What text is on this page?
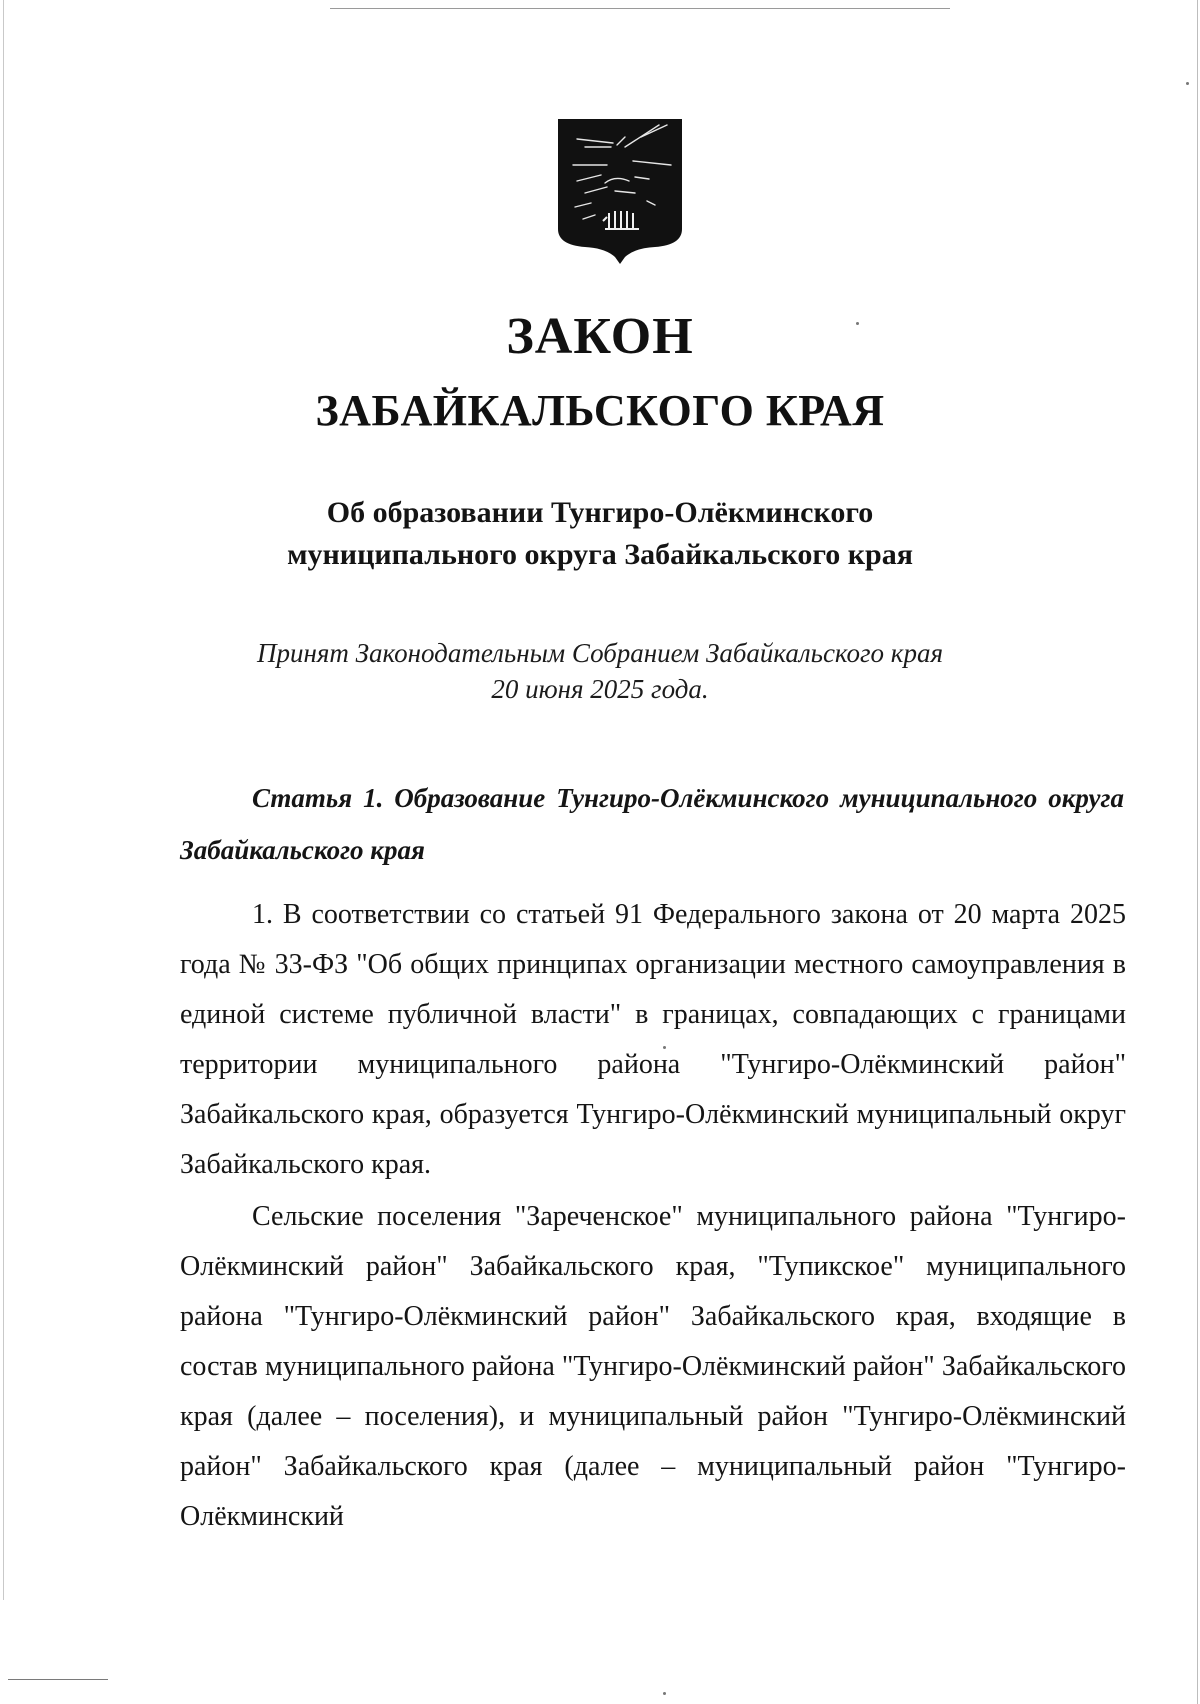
ЗАКОН
ЗАБАЙКАЛЬСКОГО КРАЯ
Об образовании Тунгиро-Олёкминского
муниципального округа Забайкальского края
Принят Законодательным Собранием Забайкальского края
20 июня 2025 года.
Статья 1. Образование Тунгиро-Олёкминского муниципального округа Забайкальского края

1. В соответствии со статьей 91 Федерального закона от 20 марта 2025 года № 33-ФЗ "Об общих принципах организации местного самоуправления в единой системе публичной власти" в границах, совпадающих с границами территории муниципального района "Тунгиро-Олёкминский район" Забайкальского края, образуется Тунгиро-Олёкминский муниципальный округ Забайкальского края.

Сельские поселения "Зареченское" муниципального района "Тунгиро-Олёкминский район" Забайкальского края, "Тупикское" муниципального района "Тунгиро-Олёкминский район" Забайкальского края, входящие в состав муниципального района "Тунгиро-Олёкминский район" Забайкальского края (далее – поселения), и муниципальный район "Тунгиро-Олёкминский район" Забайкальского края (далее – муниципальный район "Тунгиро-Олёкминский
